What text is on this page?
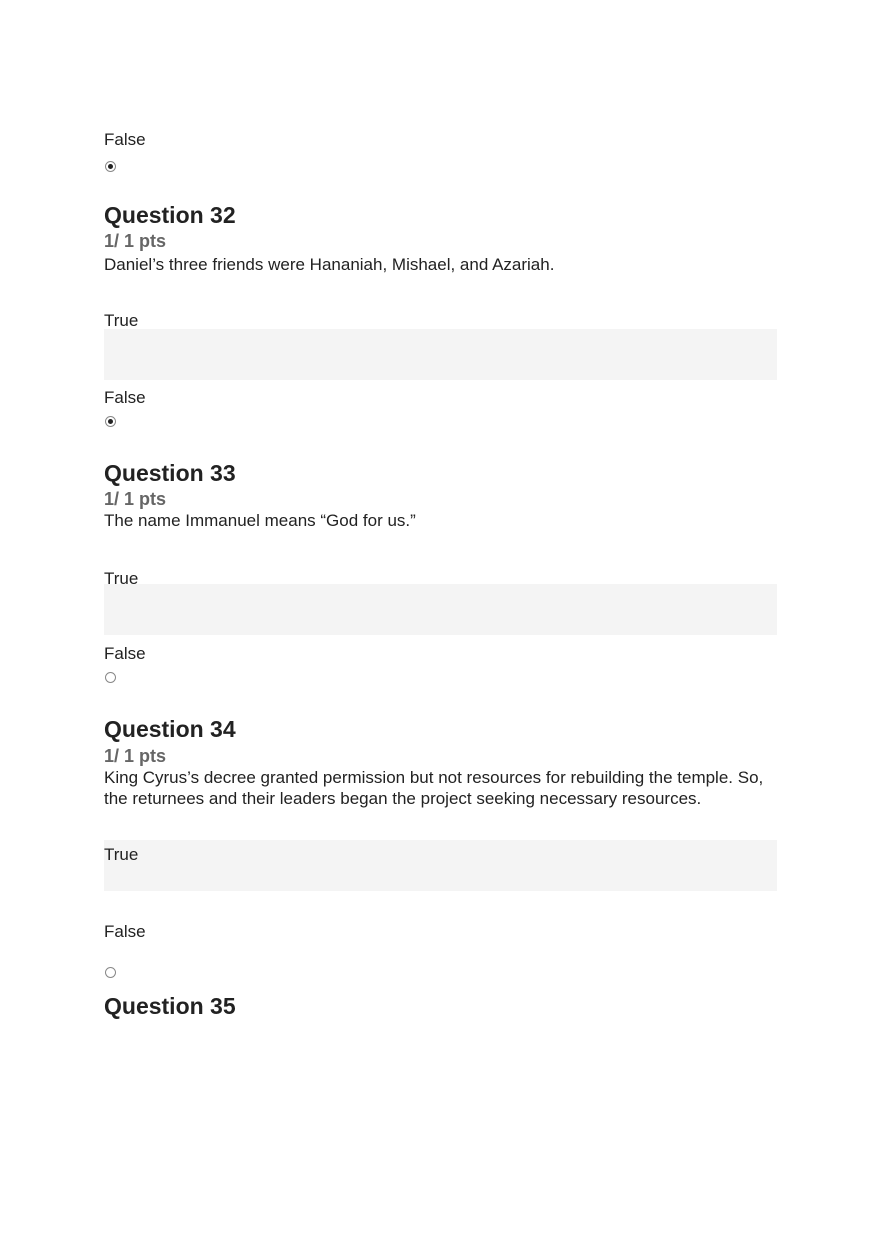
False
Question 32
1/ 1 pts
Daniel’s three friends were Hananiah, Mishael, and Azariah.
True
False
Question 33
1/ 1 pts
The name Immanuel means “God for us.”
True
False
Question 34
1/ 1 pts
King Cyrus’s decree granted permission but not resources for rebuilding the temple. So, the returnees and their leaders began the project seeking necessary resources.
True
False
Question 35
